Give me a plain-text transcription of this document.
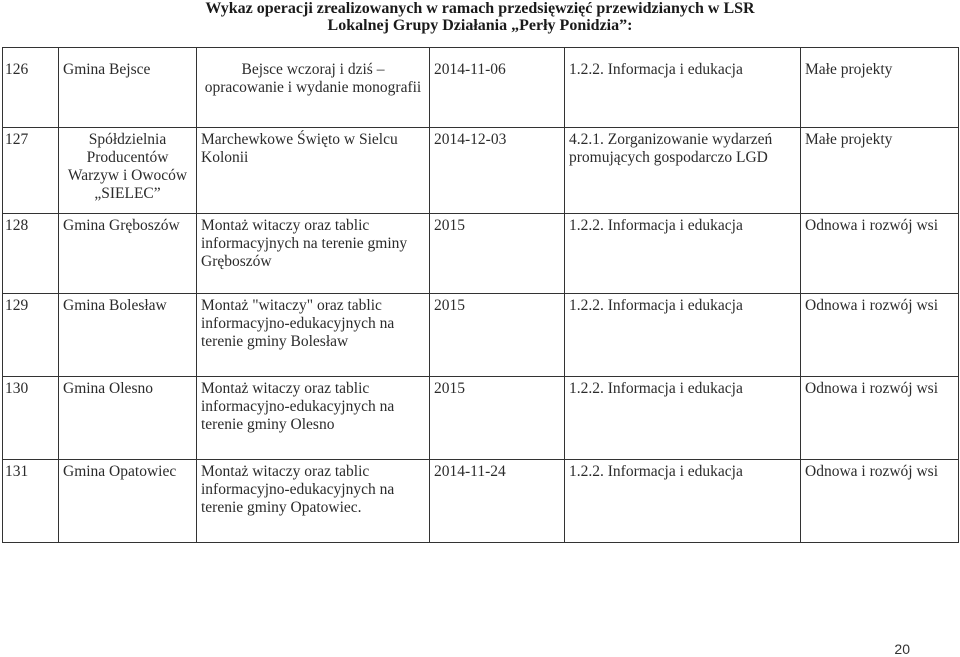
Wykaz operacji zrealizowanych w ramach przedsięwzięć przewidzianych w LSR
Lokalnej Grupy Działania „Perły Ponidzia”:
126	Gmina Bejsce	Bejsce wczoraj i dziś – opracowanie i wydanie monografii	2014-11-06	1.2.2. Informacja i edukacja	Małe projekty
127	Spółdzielnia Producentów Warzyw i Owoców „SIELEC”	Marchewkowe Święto w Sielcu Kolonii	2014-12-03	4.2.1. Zorganizowanie wydarzeń promujących gospodarczo LGD	Małe projekty
128	Gmina Gręboszów	Montaż witaczy oraz tablic informacyjnych na terenie gminy Gręboszów	2015	1.2.2. Informacja i edukacja	Odnowa i rozwój wsi
129	Gmina Bolesław	Montaż "witaczy" oraz tablic informacyjno-edukacyjnych na terenie gminy Bolesław	2015	1.2.2. Informacja i edukacja	Odnowa i rozwój wsi
130	Gmina Olesno	Montaż witaczy oraz tablic informacyjno-edukacyjnych na terenie gminy Olesno	2015	1.2.2. Informacja i edukacja	Odnowa i rozwój wsi
131	Gmina Opatowiec	Montaż witaczy oraz tablic informacyjno-edukacyjnych na terenie gminy Opatowiec.	2014-11-24	1.2.2. Informacja i edukacja	Odnowa i rozwój wsi
20
